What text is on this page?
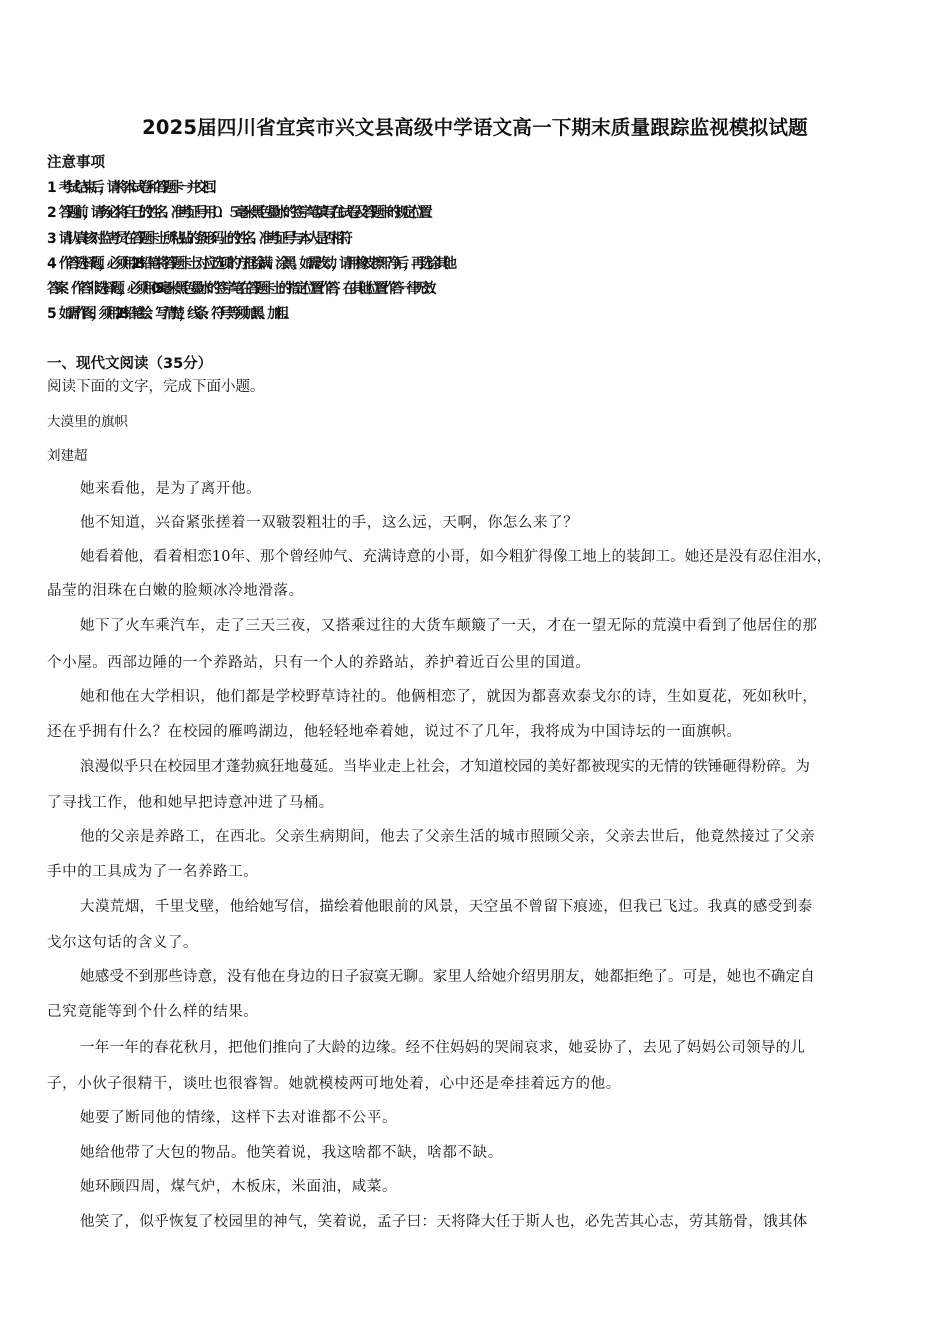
2025届四川省宜宾市兴文县高级中学语文高一下期末质量跟踪监视模拟试题
注意事项
1．考试结束后，请将本试卷和答题卡一并交回．
2．答题前，请务必将自己的姓名、准考证号用０．５毫米黑色墨水的签字笔填写在试卷及答题卡的规定位置．
3．请认真核对监考员在答题卡上所粘贴的条形码上的姓名、准考证号与本人是否相符．
4．作答选择题，必须用2B铅笔将答题卡上对应选项的方框涂满、涂黑；如需改动，请用橡皮擦干净后，再选涂其他
答案．作答非选择题，必须用05毫米黑色墨水的签字笔在答题卡上的指定位置作答，在其他位置作答一律无效．
5．如需作图，须用2B铅笔绘、写清楚，线条、符号等须加黑、加粗．
一、现代文阅读（35分）
阅读下面的文字，完成下面小题。
大漠里的旗帜
刘建超
她来看他，是为了离开他。
他不知道，兴奋紧张搓着一双皲裂粗壮的手，这么远，天啊，你怎么来了？
她看着他，看着相恋10年、那个曾经帅气、充满诗意的小哥，如今粗犷得像工地上的装卸工。她还是没有忍住泪水，
晶莹的泪珠在白嫩的脸颊冰冷地滑落。
她下了火车乘汽车，走了三天三夜，又搭乘过往的大货车颠簸了一天，才在一望无际的荒漠中看到了他居住的那
个小屋。西部边陲的一个养路站，只有一个人的养路站，养护着近百公里的国道。
她和他在大学相识，他们都是学校野草诗社的。他俩相恋了，就因为都喜欢泰戈尔的诗，生如夏花，死如秋叶，
还在乎拥有什么？在校园的雁鸣湖边，他轻轻地牵着她，说过不了几年，我将成为中国诗坛的一面旗帜。
浪漫似乎只在校园里才蓬勃疯狂地蔓延。当毕业走上社会，才知道校园的美好都被现实的无情的铁锤砸得粉碎。为
了寻找工作，他和她早把诗意冲进了马桶。
他的父亲是养路工，在西北。父亲生病期间，他去了父亲生活的城市照顾父亲，父亲去世后，他竟然接过了父亲
手中的工具成为了一名养路工。
大漠荒烟，千里戈壁，他给她写信，描绘着他眼前的风景，天空虽不曾留下痕迹，但我已飞过。我真的感受到泰
戈尔这句话的含义了。
她感受不到那些诗意，没有他在身边的日子寂寞无聊。家里人给她介绍男朋友，她都拒绝了。可是，她也不确定自
己究竟能等到个什么样的结果。
一年一年的春花秋月，把他们推向了大龄的边缘。经不住妈妈的哭闹哀求，她妥协了，去见了妈妈公司领导的儿
子，小伙子很精干，谈吐也很睿智。她就模棱两可地处着，心中还是牵挂着远方的他。
她要了断同他的情缘，这样下去对谁都不公平。
她给他带了大包的物品。他笑着说，我这啥都不缺，啥都不缺。
她环顾四周，煤气炉，木板床，米面油，咸菜。
他笑了，似乎恢复了校园里的神气，笑着说，孟子曰：天将降大任于斯人也，必先苦其心志，劳其筋骨，饿其体
